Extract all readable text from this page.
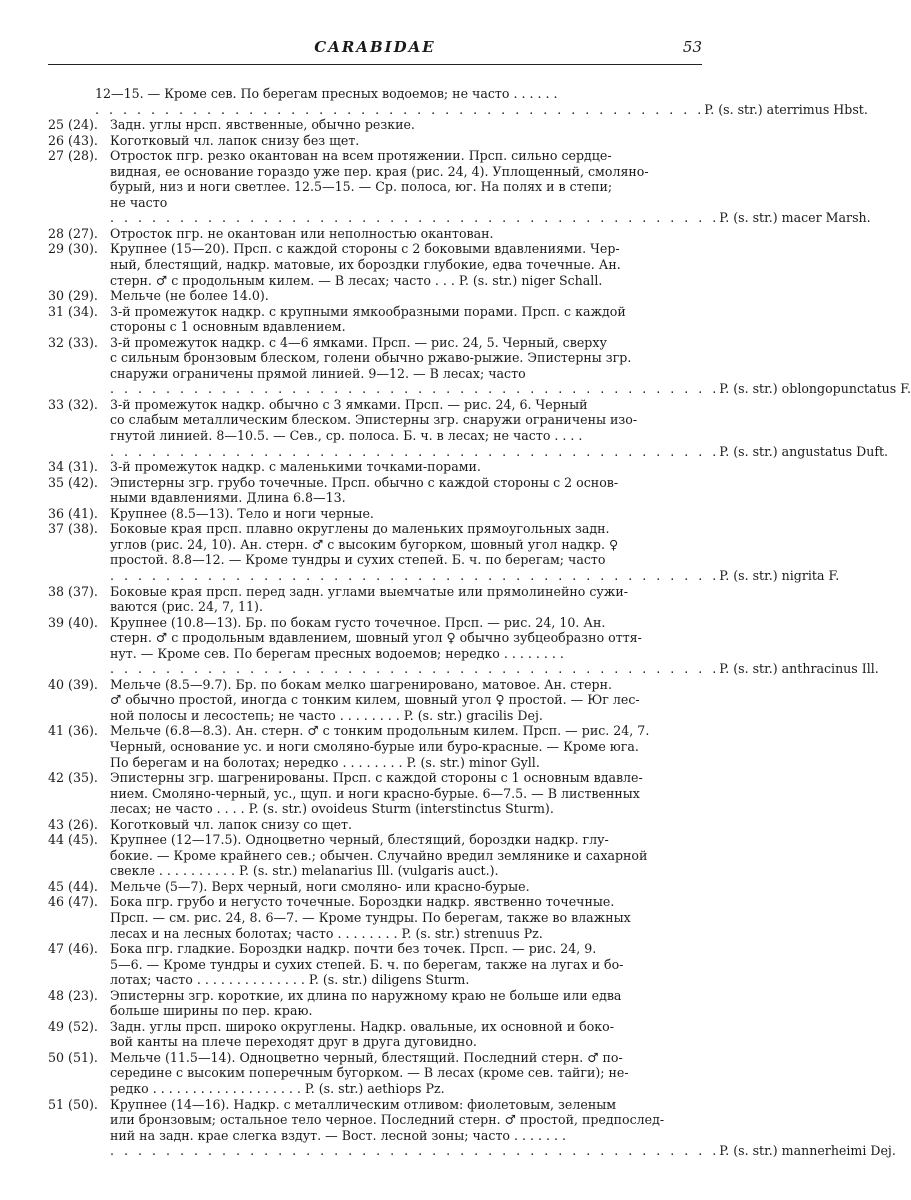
CARABIDAE	53
12—15. — Кроме сев. По берегам пресных водоемов; не часто . . . . . .
. . . . . . . . . . . . . . . . . . . . . . . . . . . . . . . . . . . . . . . . . . . . P. (s. str.) aterrimus Hbst.
25 (24). Задн. углы нрсп. явственные, обычно резкие.
26 (43). Коготковый чл. лапок снизу без щет.
27 (28). Отросток пгр. резко окантован на всем протяжении. Прсп. сильно сердце-
видная, ее основание гораздо уже пер. края (рис. 24, 4). Уплощенный, смоляно-
бурый, низ и ноги светлее. 12.5—15. — Ср. полоса, юг. На полях и в степи;
не часто
. . . . . . . . . . . . . . . . . . . . . . . . . . . . . . . . . . . . . . . . . . . . P. (s. str.) macer Marsh.
28 (27). Отросток пгр. не окантован или неполностью окантован.
29 (30). Крупнее (15—20). Прсп. с каждой стороны с 2 боковыми вдавлениями. Чер-
ный, блестящий, надкр. матовые, их бороздки глубокие, едва точечные. Ан.
стерн. ♂ с продольным килем. — В лесах; часто . . . P. (s. str.) niger Schall.
30 (29). Мельче (не более 14.0).
31 (34). 3-й промежуток надкр. с крупными ямкообразными порами. Прсп. с каждой
стороны с 1 основным вдавлением.
32 (33). 3-й промежуток надкр. с 4—6 ямками. Прсп. — рис. 24, 5. Черный, сверху
с сильным бронзовым блеском, голени обычно ржаво-рыжие. Эпистерны згр.
снаружи ограничены прямой линией. 9—12. — В лесах; часто
. . . . . . . . . . . . . . . . . . . . . . . . . . . . . . . . . . . . . . . . . . . . P. (s. str.) oblongopunctatus F.
33 (32). 3-й промежуток надкр. обычно с 3 ямками. Прсп. — рис. 24, 6. Черный
со слабым металлическим блеском. Эпистерны згр. снаружи ограничены изо-
гнутой линией. 8—10.5. — Сев., ср. полоса. Б. ч. в лесах; не часто . . . .
. . . . . . . . . . . . . . . . . . . . . . . . . . . . . . . . . . . . . . . . . . . . P. (s. str.) angustatus Duft.
34 (31). 3-й промежуток надкр. с маленькими точками-порами.
35 (42). Эпистерны згр. грубо точечные. Прсп. обычно с каждой стороны с 2 основ-
ными вдавлениями. Длина 6.8—13.
36 (41). Крупнее (8.5—13). Тело и ноги черные.
37 (38). Боковые края прсп. плавно округлены до маленьких прямоугольных задн.
углов (рис. 24, 10). Ан. стерн. ♂ с высоким бугорком, шовный угол надкр. ♀
простой. 8.8—12. — Кроме тундры и сухих степей. Б. ч. по берегам; часто
. . . . . . . . . . . . . . . . . . . . . . . . . . . . . . . . . . . . . . . . . . . . P. (s. str.) nigrita F.
38 (37). Боковые края прсп. перед задн. углами выемчатые или прямолинейно сужи-
ваются (рис. 24, 7, 11).
39 (40). Крупнее (10.8—13). Бр. по бокам густо точечное. Прсп. — рис. 24, 10. Ан.
стерн. ♂ с продольным вдавлением, шовный угол ♀ обычно зубцеобразно оття-
нут. — Кроме сев. По берегам пресных водоемов; нередко . . . . . . . .
. . . . . . . . . . . . . . . . . . . . . . . . . . . . . . . . . . . . . . . . . . . . P. (s. str.) anthracinus Ill.
40 (39). Мельче (8.5—9.7). Бр. по бокам мелко шагренировано, матовое. Ан. стерн.
♂ обычно простой, иногда с тонким килем, шовный угол ♀ простой. — Юг лес-
ной полосы и лесостепь; не часто . . . . . . . . P. (s. str.) gracilis Dej.
41 (36). Мельче (6.8—8.3). Ан. стерн. ♂ с тонким продольным килем. Прсп. — рис. 24, 7.
Черный, основание ус. и ноги смоляно-бурые или буро-красные. — Кроме юга.
По берегам и на болотах; нередко . . . . . . . . P. (s. str.) minor Gyll.
42 (35). Эпистерны згр. шагренированы. Прсп. с каждой стороны с 1 основным вдавле-
нием. Смоляно-черный, ус., щуп. и ноги красно-бурые. 6—7.5. — В лиственных
лесах; не часто . . . . P. (s. str.) ovoideus Sturm (interstinctus Sturm).
43 (26). Коготковый чл. лапок снизу со щет.
44 (45). Крупнее (12—17.5). Одноцветно черный, блестящий, бороздки надкр. глу-
бокие. — Кроме крайнего сев.; обычен. Случайно вредил землянике и сахарной
свекле . . . . . . . . . . P. (s. str.) melanarius Ill. (vulgaris auct.).
45 (44). Мельче (5—7). Верх черный, ноги смоляно- или красно-бурые.
46 (47). Бока пгр. грубо и негусто точечные. Бороздки надкр. явственно точечные.
Прсп. — см. рис. 24, 8. 6—7. — Кроме тундры. По берегам, также во влажных
лесах и на лесных болотах; часто . . . . . . . . P. (s. str.) strenuus Pz.
47 (46). Бока пгр. гладкие. Бороздки надкр. почти без точек. Прсп. — рис. 24, 9.
5—6. — Кроме тундры и сухих степей. Б. ч. по берегам, также на лугах и бо-
лотах; часто . . . . . . . . . . . . . . P. (s. str.) diligens Sturm.
48 (23). Эпистерны згр. короткие, их длина по наружному краю не больше или едва
больше ширины по пер. краю.
49 (52). Задн. углы прсп. широко округлены. Надкр. овальные, их основной и боко-
вой канты на плече переходят друг в друга дуговидно.
50 (51). Мельче (11.5—14). Одноцветно черный, блестящий. Последний стерн. ♂ по-
середине с высоким поперечным бугорком. — В лесах (кроме сев. тайги); не-
редко . . . . . . . . . . . . . . . . . . . P. (s. str.) aethiops Pz.
51 (50). Крупнее (14—16). Надкр. с металлическим отливом: фиолетовым, зеленым
или бронзовым; остальное тело черное. Последний стерн. ♂ простой, предпослед-
ний на задн. крае слегка вздут. — Вост. лесной зоны; часто . . . . . . .
. . . . . . . . . . . . . . . . . . . . . . . . . . . . . . . . . . . . . . . . . . . . P. (s. str.) mannerheimi Dej.
